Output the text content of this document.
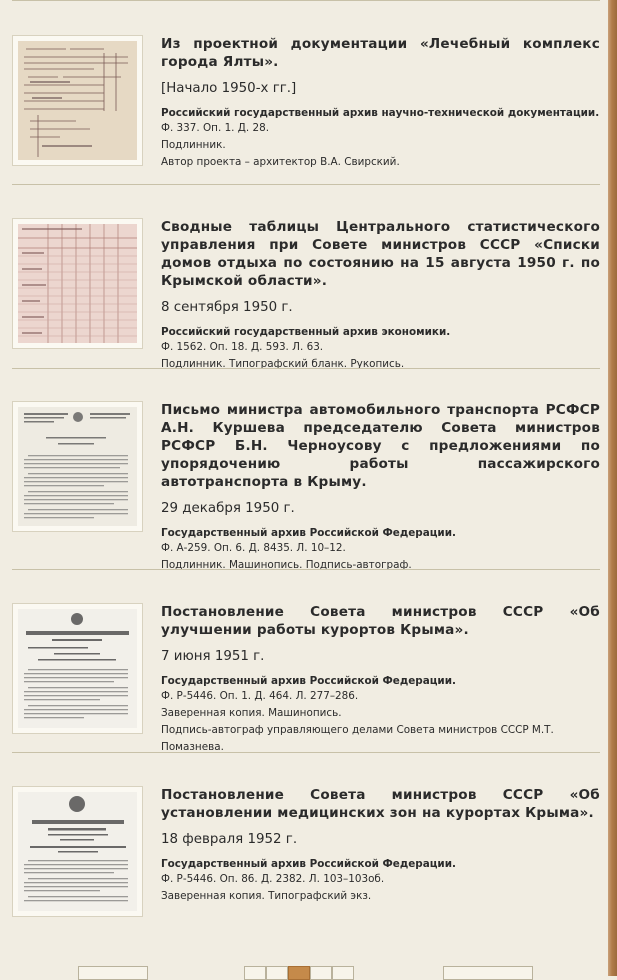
Из проектной документации «Лечебный комплекс города Ялты».

[Начало 1950-х гг.]
Российский государственный архив научно-технической документации.
Ф. 337. Оп. 1. Д. 28.
Подлинник.
Автор проекта – архитектор В.А. Свирский.

Сводные таблицы Центрального статистического управления при Совете министров СССР «Списки домов отдыха по состоянию на 15 августа 1950 г. по Крымской области».

8 сентября 1950 г.
Российский государственный архив экономики.
Ф. 1562. Оп. 18. Д. 593. Л. 63.
Подлинник. Типографский бланк. Рукопись.

Письмо министра автомобильного транспорта РСФСР А.Н. Куршева председателю Совета министров РСФСР Б.Н. Черноусову с предложениями по упорядочению работы пассажирского автотранспорта в Крыму.

29 декабря 1950 г.
Государственный архив Российской Федерации.
Ф. А-259. Оп. 6. Д. 8435. Л. 10–12.
Подлинник. Машинопись. Подпись-автограф.

Постановление Совета министров СССР «Об улучшении работы курортов Крыма».

7 июня 1951 г.
Государственный архив Российской Федерации.
Ф. Р-5446. Оп. 1. Д. 464. Л. 277–286.
Заверенная копия. Машинопись.
Подпись-автограф управляющего делами Совета министров СССР М.Т. Помазнева.

Постановление Совета министров СССР «Об установлении медицинских зон на курортах Крыма».

18 февраля 1952 г.
Государственный архив Российской Федерации.
Ф. Р-5446. Оп. 86. Д. 2382. Л. 103–103об.
Заверенная копия. Типографский экз.
